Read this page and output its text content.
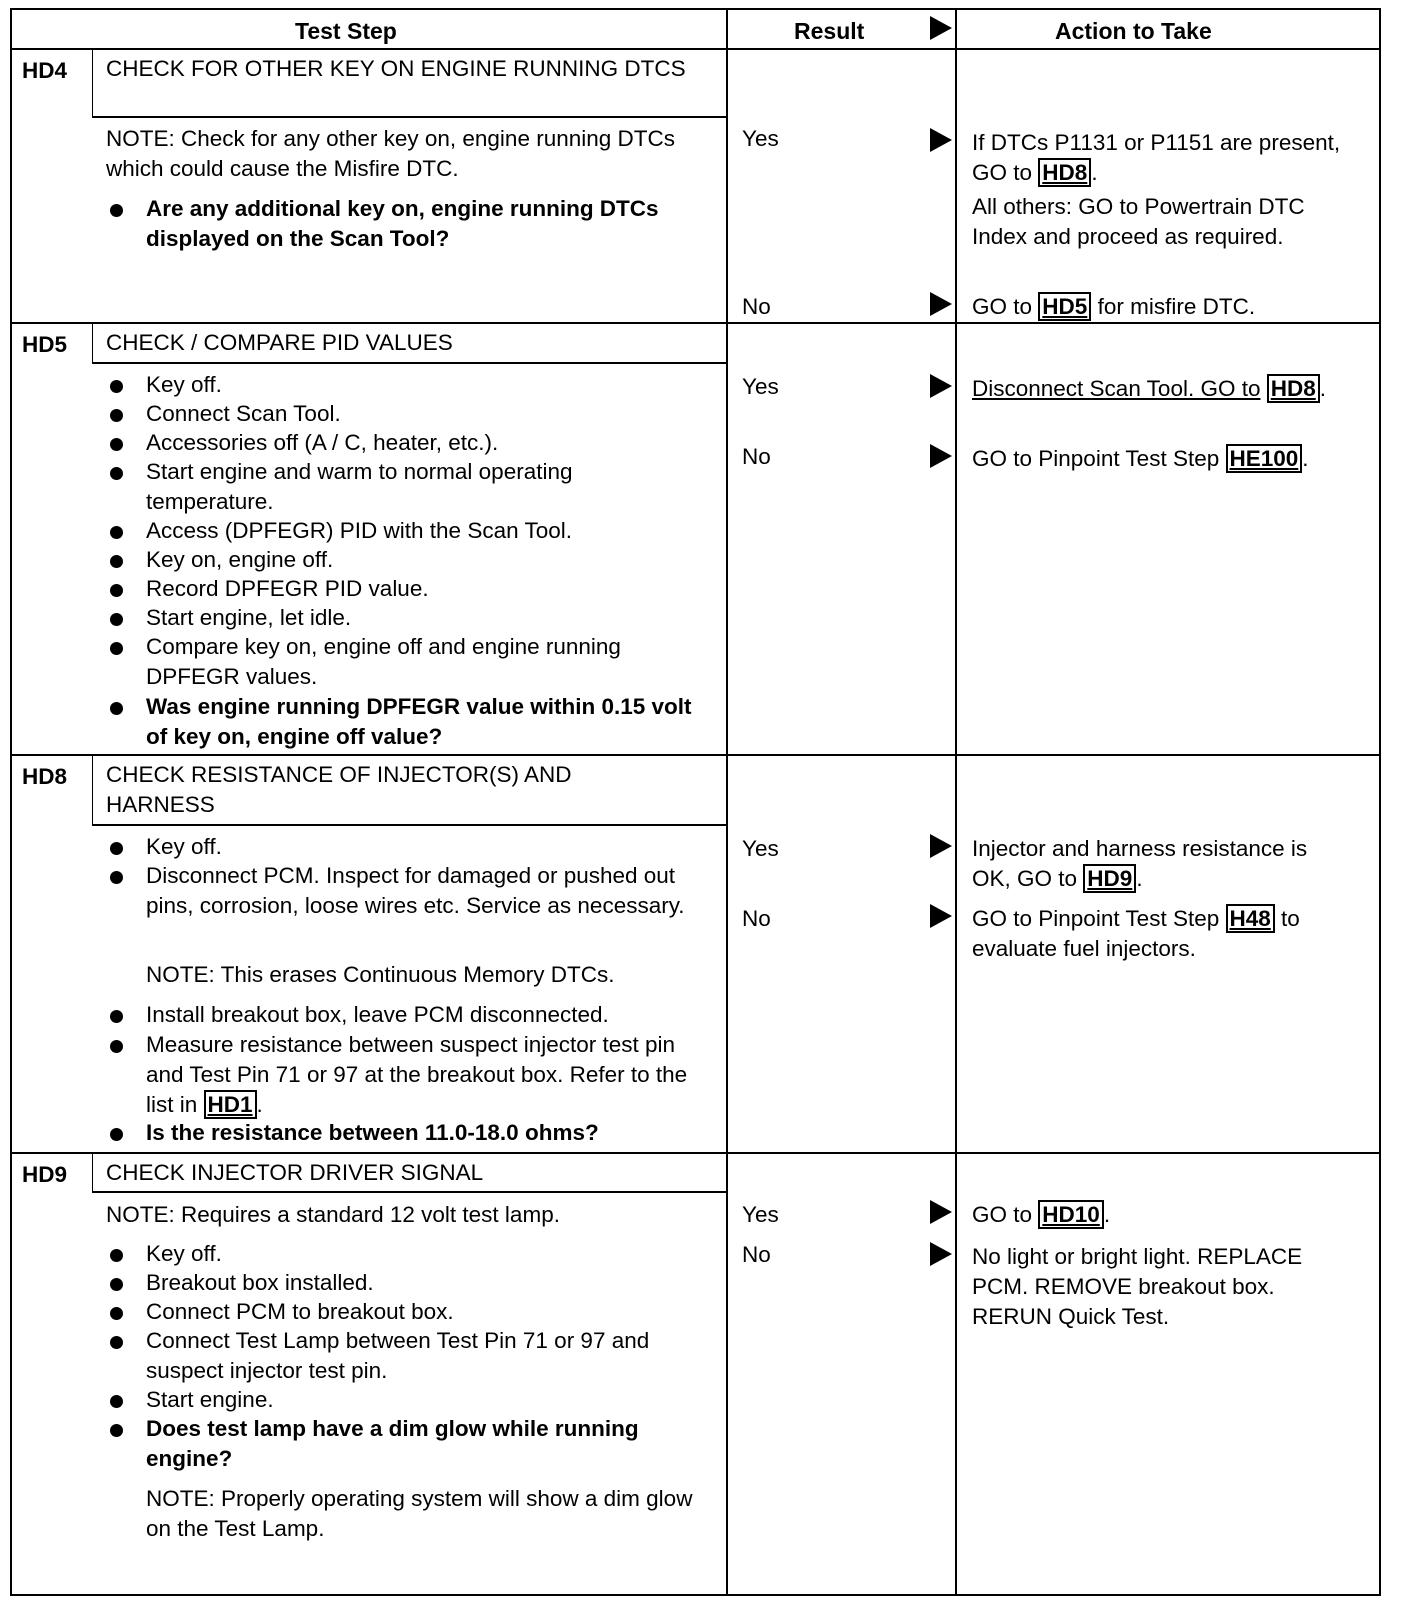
Test Step	Result	Action to Take
HD4 CHECK FOR OTHER KEY ON ENGINE RUNNING DTCS
NOTE: Check for any other key on, engine running DTCs which could cause the Misfire DTC.
Are any additional key on, engine running DTCs displayed on the Scan Tool?
Yes	If DTCs P1131 or P1151 are present, GO to HD8 .
All others: GO to Powertrain DTC Index and proceed as required.
No	GO to HD5 for misfire DTC.
HD5 CHECK / COMPARE PID VALUES
Key off.
Connect Scan Tool.
Accessories off (A / C, heater, etc.).
Start engine and warm to normal operating temperature.
Access (DPFEGR) PID with the Scan Tool.
Key on, engine off.
Record DPFEGR PID value.
Start engine, let idle.
Compare key on, engine off and engine running DPFEGR values.
Was engine running DPFEGR value within 0.15 volt of key on, engine off value?
Yes	Disconnect Scan Tool. GO to HD8 .
No	GO to Pinpoint Test Step HE100 .
HD8 CHECK RESISTANCE OF INJECTOR(S) AND HARNESS
Key off.
Disconnect PCM. Inspect for damaged or pushed out pins, corrosion, loose wires etc. Service as necessary.
NOTE: This erases Continuous Memory DTCs.
Install breakout box, leave PCM disconnected.
Measure resistance between suspect injector test pin and Test Pin 71 or 97 at the breakout box. Refer to the list in HD1 .
Is the resistance between 11.0-18.0 ohms?
Yes	Injector and harness resistance is OK, GO to HD9 .
No	GO to Pinpoint Test Step H48 to evaluate fuel injectors.
HD9 CHECK INJECTOR DRIVER SIGNAL
NOTE: Requires a standard 12 volt test lamp.
Key off.
Breakout box installed.
Connect PCM to breakout box.
Connect Test Lamp between Test Pin 71 or 97 and suspect injector test pin.
Start engine.
Does test lamp have a dim glow while running engine?
NOTE: Properly operating system will show a dim glow on the Test Lamp.
Yes	GO to HD10 .
No	No light or bright light. REPLACE PCM. REMOVE breakout box. RERUN Quick Test.
